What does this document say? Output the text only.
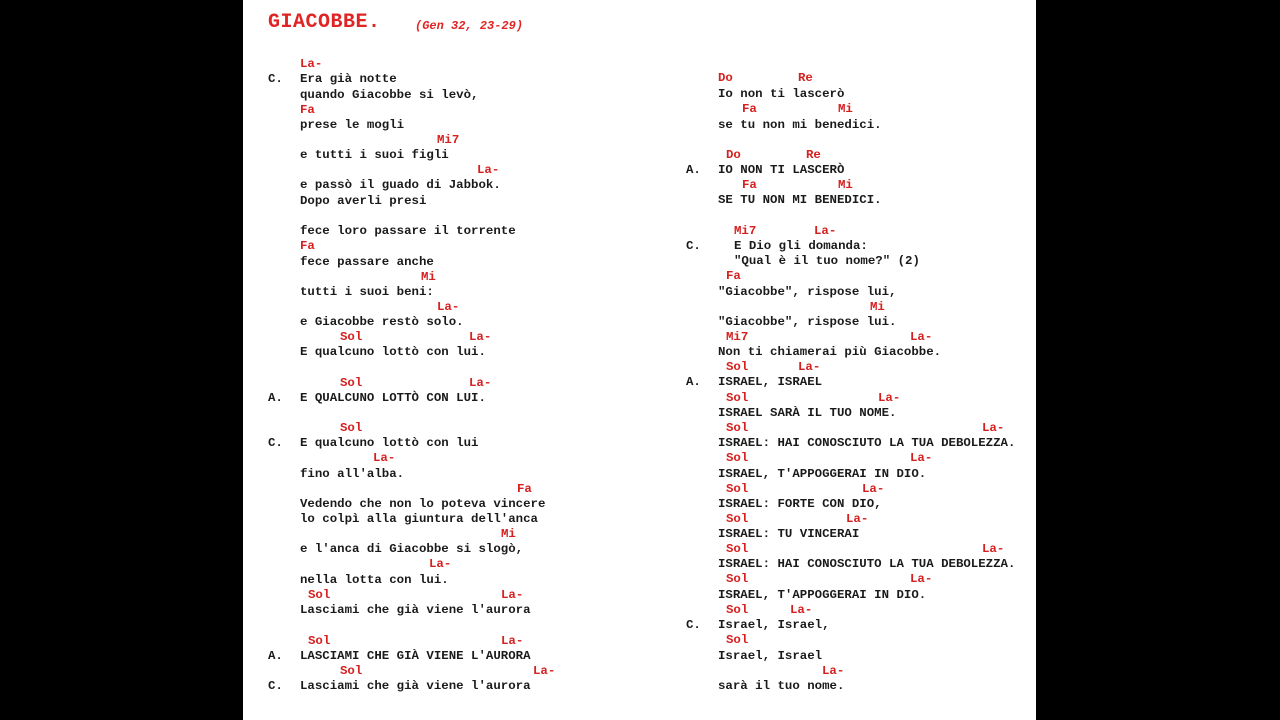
GIACOBBE.	(Gen 32, 23-29)
La-
C. Era già notte
quando Giacobbe si levò,
Fa
prese le mogli
Mi7
e tutti i suoi figli
La-
e passò il guado di Jabbok.
Dopo averli presi
fece loro passare il torrente
Fa
fece passare anche
Mi
tutti i suoi beni:
La-
e Giacobbe restò solo.
Sol	La-
E qualcuno lottò con lui.
Sol	La-
A. E QUALCUNO LOTTÒ CON LUI.
Sol
C. E qualcuno lottò con lui
La-
fino all'alba.
Fa
Vedendo che non lo poteva vincere
lo colpì alla giuntura dell'anca
Mi
e l'anca di Giacobbe si slogò,
La-
nella lotta con lui.
Sol	La-
Lasciami che già viene l'aurora
Sol	La-
A. LASCIAMI CHE GIÀ VIENE L'AURORA
Sol	La-
C. Lasciami che già viene l'aurora
Do	Re
Io non ti lascerò
Fa	Mi
se tu non mi benedici.
Do	Re
A. IO NON TI LASCERÒ
Fa	Mi
SE TU NON MI BENEDICI.
Mi7	La-
C.	E Dio gli domanda:
"Qual è il tuo nome?" (2)
Fa
"Giacobbe", rispose lui,
Mi
"Giacobbe", rispose lui.
Mi7	La-
Non ti chiamerai più Giacobbe.
Sol	La-
A. ISRAEL, ISRAEL
Sol	La-
ISRAEL SARÀ IL TUO NOME.
Sol	La-
ISRAEL: HAI CONOSCIUTO LA TUA DEBOLEZZA.
Sol	La-
ISRAEL, T'APPOGGERAI IN DIO.
Sol	La-
ISRAEL: FORTE CON DIO,
Sol	La-
ISRAEL: TU VINCERAI
Sol	La-
ISRAEL: HAI CONOSCIUTO LA TUA DEBOLEZZA.
Sol	La-
ISRAEL, T'APPOGGERAI IN DIO.
Sol	La-
C. Israel, Israel,
Sol
Israel, Israel
La-
sarà il tuo nome.
